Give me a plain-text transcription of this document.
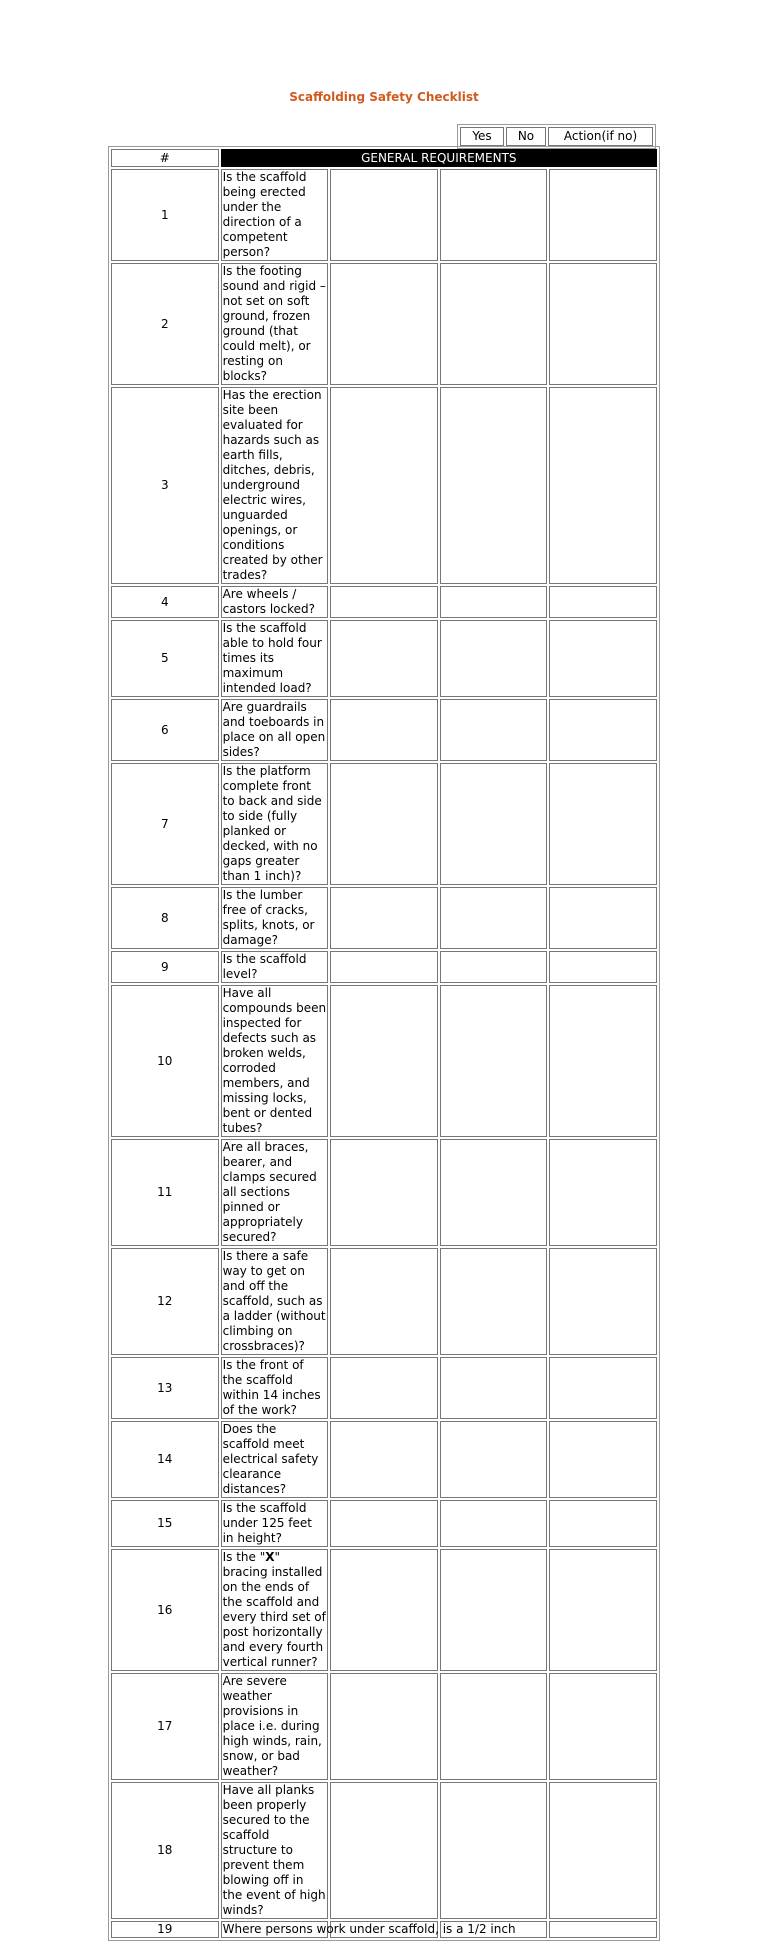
Scaffolding Safety Checklist
Yes	No	Action(if no)
#	GENERAL REQUIREMENTS			
1	Is the scaffold being erected under the direction of a competent person?			
2	Is the footing sound and rigid – not set on soft ground, frozen ground (that could melt), or resting on blocks?			
3	Has the erection site been evaluated for hazards such as earth fills, ditches, debris, underground electric wires, unguarded openings, or conditions created by other trades?			
4	Are wheels / castors locked?			
5	Is the scaffold able to hold four times its maximum intended load?			
6	Are guardrails and toeboards in place on all open sides?			
7	Is the platform complete front to back and side to side (fully planked or decked, with no gaps greater than 1 inch)?			
8	Is the lumber free of cracks, splits, knots, or damage?			
9	Is the scaffold level?			
10	Have all compounds been inspected for defects such as broken welds, corroded members, and missing locks, bent or dented tubes?			
11	Are all braces, bearer, and clamps secured all sections pinned or appropriately secured?			
12	Is there a safe way to get on and off the scaffold, such as a ladder (without climbing on crossbraces)?			
13	Is the front of the scaffold within 14 inches of the work?			
14	Does the scaffold meet electrical safety clearance distances?			
15	Is the scaffold under 125 feet in height?			
16	Is the "X" bracing installed on the ends of the scaffold and every third set of post horizontally and every fourth vertical runner?			
17	Are severe weather provisions in place i.e. during high winds, rain, snow, or bad weather?			
18	Have all planks been properly secured to the scaffold structure to prevent them blowing off in the event of high winds?			
19	Where persons work under scaffold, is a 1/2 inch			
